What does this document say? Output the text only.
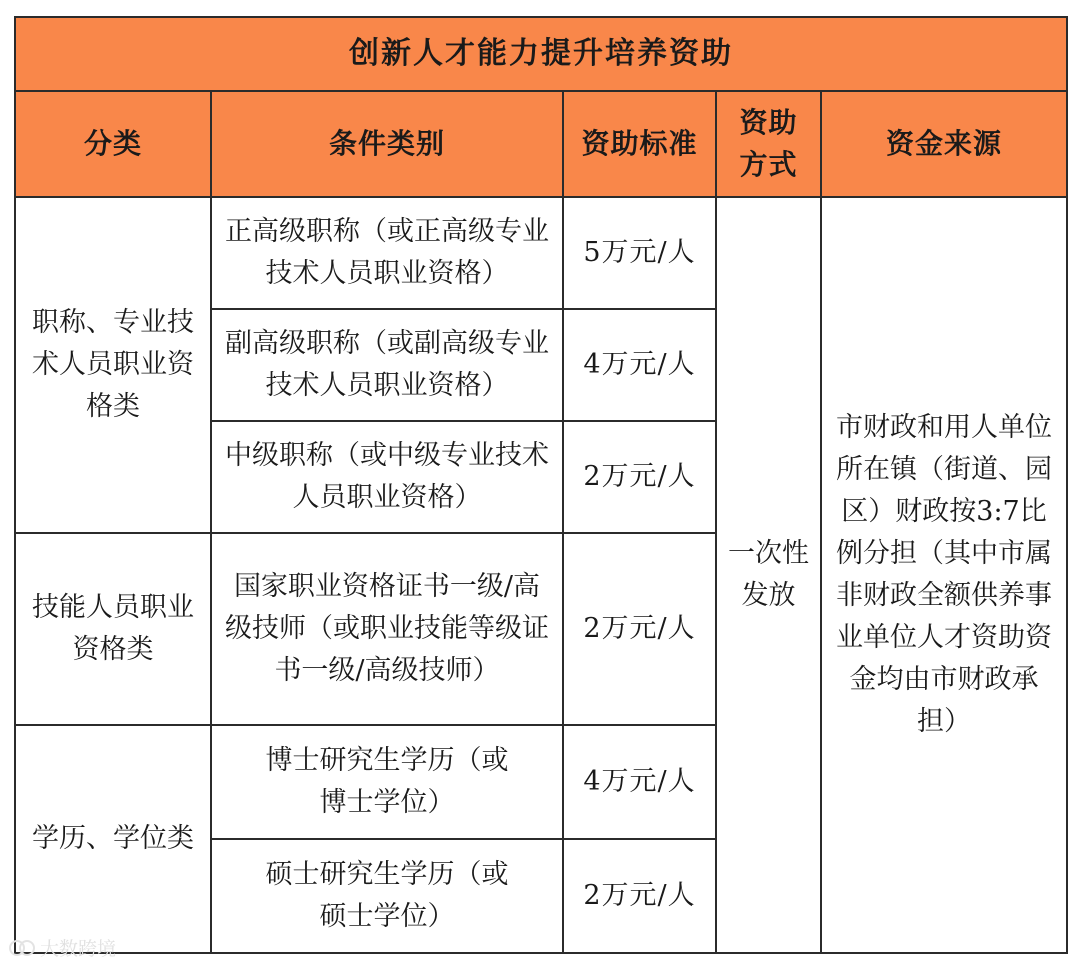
创新人才能力提升培养资助				
分类	条件类别	资助标准	资助方式	资金来源
职称、专业技术人员职业资格类	正高级职称（或正高级专业技术人员职业资格）	5万元/人	一次性发放	市财政和用人单位所在镇（街道、园区）财政按3:7比例分担（其中市属非财政全额供养事业单位人才资助资金均由市财政承担）
	副高级职称（或副高级专业技术人员职业资格）	4万元/人		
	中级职称（或中级专业技术人员职业资格）	2万元/人		
技能人员职业资格类	国家职业资格证书一级/高级技师（或职业技能等级证书一级/高级技师）	2万元/人		
学历、学位类	博士研究生学历（或博士学位）	4万元/人		
	硕士研究生学历（或硕士学位）	2万元/人		
大数跨境
